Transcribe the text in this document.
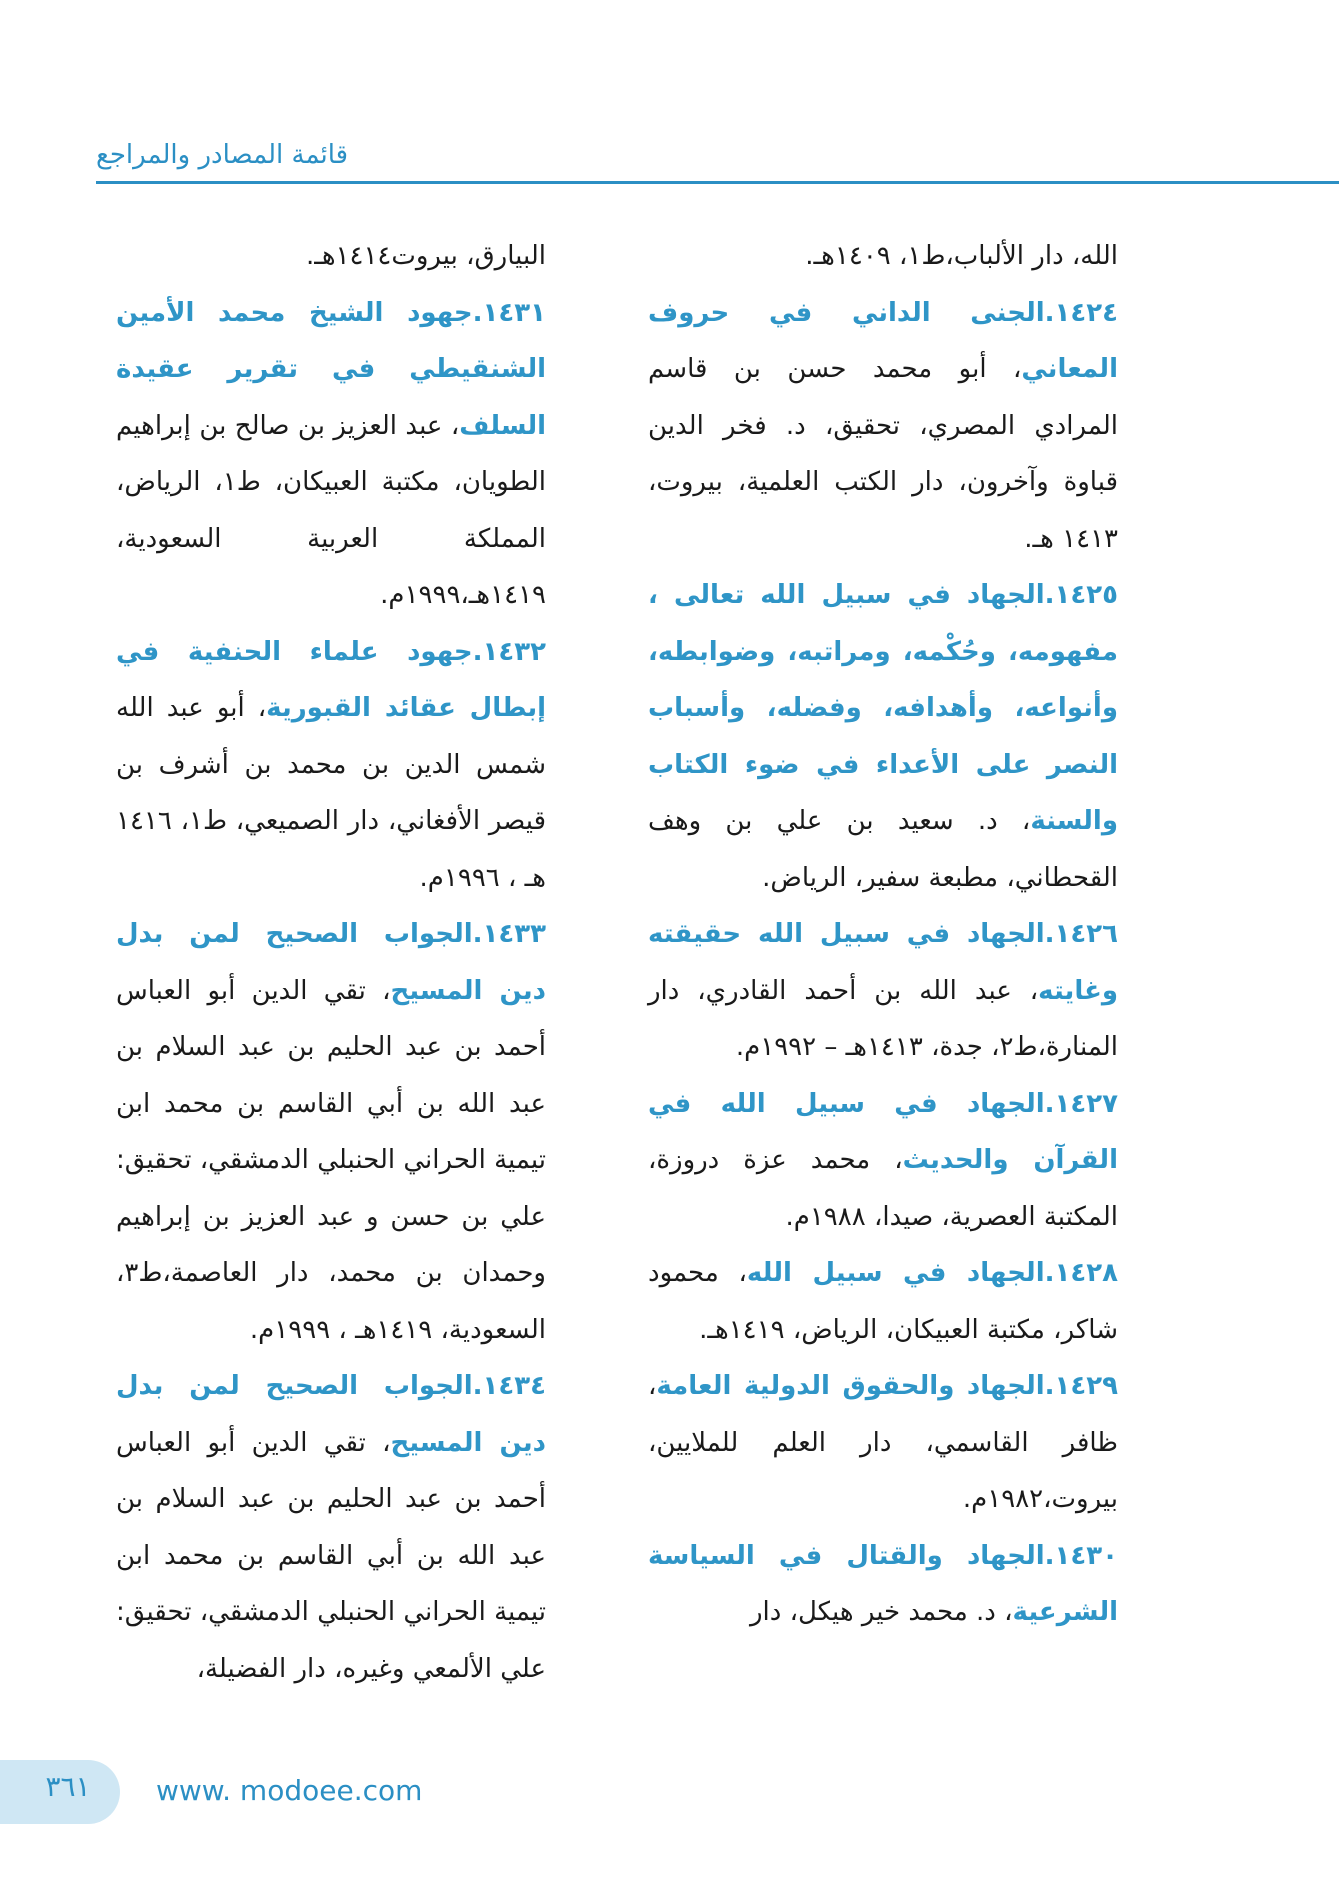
قائمة المصادر والمراجع

الله، دار الألباب،ط١، ١٤٠٩هـ.

١٤٢٤.الجنى الداني في حروف المعاني، أبو محمد حسن بن قاسم المرادي المصري، تحقيق، د. فخر الدين قباوة وآخرون، دار الكتب العلمية، بيروت، ١٤١٣ هـ.

١٤٢٥.الجهاد في سبيل الله تعالى ، مفهومه، وحُكْمه، ومراتبه، وضوابطه، وأنواعه، وأهدافه، وفضله، وأسباب النصر على الأعداء في ضوء الكتاب والسنة، د. سعيد بن علي بن وهف القحطاني، مطبعة سفير، الرياض.

١٤٢٦.الجهاد في سبيل الله حقيقته وغايته، عبد الله بن أحمد القادري، دار المنارة،ط٢، جدة، ١٤١٣هـ – ١٩٩٢م.

١٤٢٧.الجهاد في سبيل الله في القرآن والحديث، محمد عزة دروزة، المكتبة العصرية، صيدا، ١٩٨٨م.

١٤٢٨.الجهاد في سبيل الله، محمود شاكر، مكتبة العبيكان، الرياض، ١٤١٩هـ.

١٤٢٩.الجهاد والحقوق الدولية العامة، ظافر القاسمي، دار العلم للملايين، بيروت،١٩٨٢م.

١٤٣٠.الجهاد والقتال في السياسة الشرعية، د. محمد خير هيكل، دار

البيارق، بيروت١٤١٤هـ.

١٤٣١.جهود الشيخ محمد الأمين الشنقيطي في تقرير عقيدة السلف، عبد العزيز بن صالح بن إبراهيم الطويان، مكتبة العبيكان، ط١، الرياض، المملكة العربية السعودية، ١٤١٩هـ،١٩٩٩م.

١٤٣٢.جهود علماء الحنفية في إبطال عقائد القبورية، أبو عبد الله شمس الدين بن محمد بن أشرف بن قيصر الأفغاني، دار الصميعي، ط١، ١٤١٦ هـ ، ١٩٩٦م.

١٤٣٣.الجواب الصحيح لمن بدل دين المسيح، تقي الدين أبو العباس أحمد بن عبد الحليم بن عبد السلام بن عبد الله بن أبي القاسم بن محمد ابن تيمية الحراني الحنبلي الدمشقي، تحقيق: علي بن حسن و عبد العزيز بن إبراهيم وحمدان بن محمد، دار العاصمة،ط٣، السعودية، ١٤١٩هـ ، ١٩٩٩م.

١٤٣٤.الجواب الصحيح لمن بدل دين المسيح، تقي الدين أبو العباس أحمد بن عبد الحليم بن عبد السلام بن عبد الله بن أبي القاسم بن محمد ابن تيمية الحراني الحنبلي الدمشقي، تحقيق: علي الألمعي وغيره، دار الفضيلة،

٣٦١	www. modoee.com
